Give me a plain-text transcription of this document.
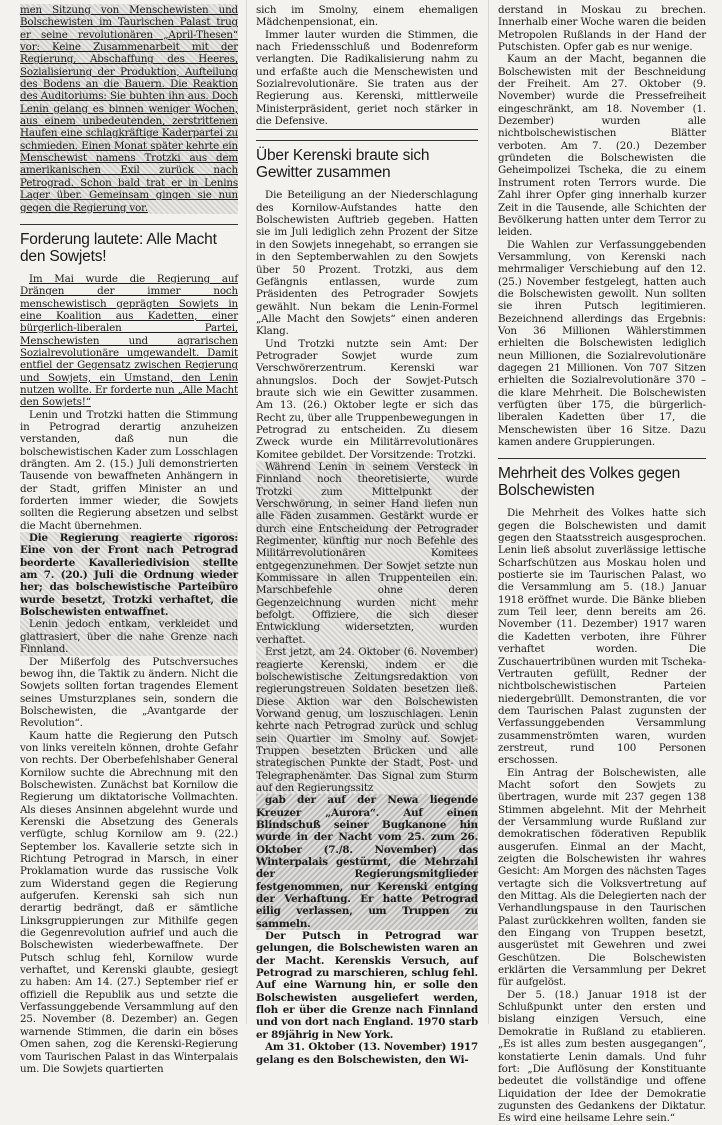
men Sitzung von Menschewisten und Bolschewisten im Taurischen Palast trug er seine revolutionären „April-Thesen“ vor: Keine Zusammenarbeit mit der Regierung, Abschaffung des Heeres, Sozialisierung der Produktion, Aufteilung des Bodens an die Bauern. Die Reaktion des Auditoriums: Sie buhten ihn aus. Doch Lenin gelang es binnen weniger Wochen, aus einem unbedeutenden, zerstrittenen Haufen eine schlagkräftige Kaderpartei zu schmieden. Einen Monat später kehrte ein Menschewist namens Trotzki aus dem amerikanischen Exil zurück nach Petrograd. Schon bald trat er in Lenins Lager über. Gemeinsam gingen sie nun gegen die Regierung vor.

Forderung lautete: Alle Macht den Sowjets!

Im Mai wurde die Regierung auf Drängen der immer noch menschewistisch geprägten Sowjets in eine Koalition aus Kadetten, einer bürgerlich-liberalen Partei, Menschewisten und agrarischen Sozialrevolutionäre umgewandelt. Damit entfiel der Gegensatz zwischen Regierung und Sowjets, ein Umstand, den Lenin nutzen wollte. Er forderte nun „Alle Macht den Sowjets!“

Lenin und Trotzki hatten die Stimmung in Petrograd derartig anzuheizen verstanden, daß nun die bolschewistischen Kader zum Losschlagen drängten. Am 2. (15.) Juli demonstrierten Tausende von bewaffneten Anhängern in der Stadt, griffen Minister an und forderten immer wieder, die Sowjets sollten die Regierung absetzen und selbst die Macht übernehmen.

Die Regierung reagierte rigoros: Eine von der Front nach Petrograd beorderte Kavalleriedivision stellte am 7. (20.) Juli die Ordnung wieder her; das bolschewistische Parteibüro wurde besetzt, Trotzki verhaftet, die Bolschewisten entwaffnet.

Lenin jedoch entkam, verkleidet und glattrasiert, über die nahe Grenze nach Finnland.

Der Mißerfolg des Putschversuches bewog ihn, die Taktik zu ändern. Nicht die Sowjets sollten fortan tragendes Element seines Umsturzplanes sein, sondern die Bolschewisten, die „Avantgarde der Revolution“.

Kaum hatte die Regierung den Putsch von links vereiteln können, drohte Gefahr von rechts. Der Oberbefehlshaber General Kornilow suchte die Abrechnung mit den Bolschewisten. Zunächst bat Kornilow die Regierung um diktatorische Vollmachten. Als dieses Ansinnen abgelehnt wurde und Kerenski die Absetzung des Generals verfügte, schlug Kornilow am 9. (22.) September los. Kavallerie setzte sich in Richtung Petrograd in Marsch, in einer Proklamation wurde das russische Volk zum Widerstand gegen die Regierung aufgerufen. Kerenski sah sich nun derartig bedrängt, daß er sämtliche Linksgruppierungen zur Mithilfe gegen die Gegenrevolution aufrief und auch die Bolschewisten wiederbewaffnete. Der Putsch schlug fehl, Kornilow wurde verhaftet, und Kerenski glaubte, gesiegt zu haben: Am 14. (27.) September rief er offiziell die Republik aus und setzte die Verfassunggebende Versammlung auf den 25. November (8. Dezember) an. Gegen warnende Stimmen, die darin ein böses Omen sahen, zog die Kerenski-Regierung vom Taurischen Palast in das Winterpalais um. Die Sowjets quartierten

sich im Smolny, einem ehemaligen Mädchenpensionat, ein.

Immer lauter wurden die Stimmen, die nach Friedensschluß und Bodenreform verlangten. Die Radikalisierung nahm zu und erfaßte auch die Menschewisten und Sozialrevolutionäre. Sie traten aus der Regierung aus. Kerenski, mittlerweile Ministerpräsident, geriet noch stärker in die Defensive.

Über Kerenski braute sich Gewitter zusammen

Die Beteiligung an der Niederschlagung des Kornilow-Aufstandes hatte den Bolschewisten Auftrieb gegeben. Hatten sie im Juli lediglich zehn Prozent der Sitze in den Sowjets innegehabt, so errangen sie in den Septemberwahlen zu den Sowjets über 50 Prozent. Trotzki, aus dem Gefängnis entlassen, wurde zum Präsidenten des Petrograder Sowjets gewählt. Nun bekam die Lenin-Formel „Alle Macht den Sowjets“ einen anderen Klang.

Und Trotzki nutzte sein Amt: Der Petrograder Sowjet wurde zum Verschwörerzentrum. Kerenski war ahnungslos. Doch der Sowjet-Putsch braute sich wie ein Gewitter zusammen. Am 13. (26.) Oktober legte er sich das Recht zu, über alle Truppenbewegungen in Petrograd zu entscheiden. Zu diesem Zweck wurde ein Militärrevolutionäres Komitee gebildet. Der Vorsitzende: Trotzki.

Während Lenin in seinem Versteck in Finnland noch theoretisierte, wurde Trotzki zum Mittelpunkt der Verschwörung, in seiner Hand liefen nun alle Fäden zusammen. Gestärkt wurde er durch eine Entscheidung der Petrograder Regimenter, künftig nur noch Befehle des Militärrevolutionären Komitees entgegenzunehmen. Der Sowjet setzte nun Kommissare in allen Truppenteilen ein. Marschbefehle ohne deren Gegenzeichnung wurden nicht mehr befolgt. Offiziere, die sich dieser Entwicklung widersetzten, wurden verhaftet.

Erst jetzt, am 24. Oktober (6. November) reagierte Kerenski, indem er die bolschewistische Zeitungsredaktion von regierungstreuen Soldaten besetzen ließ. Diese Aktion war den Bolschewisten Vorwand genug, um loszuschlagen. Lenin kehrte nach Petrograd zurück und schlug sein Quartier im Smolny auf. Sowjet-Truppen besetzten Brücken und alle strategischen Punkte der Stadt, Post- und Telegraphenämter. Das Signal zum Sturm auf den Regierungssitz

gab der auf der Newa liegende Kreuzer „Aurora“. Auf einen Blindschuß seiner Bugkanone hin wurde in der Nacht vom 25. zum 26. Oktober (7./8. November) das Winterpalais gestürmt, die Mehrzahl der Regierungsmitglieder festgenommen, nur Kerenski entging der Verhaftung. Er hatte Petrograd eilig verlassen, um Truppen zu sammeln.

Der Putsch in Petrograd war gelungen, die Bolschewisten waren an der Macht. Kerenskis Versuch, auf Petrograd zu marschieren, schlug fehl. Auf eine Warnung hin, er solle den Bolschewisten ausgeliefert werden, floh er über die Grenze nach Finnland und von dort nach England. 1970 starb er 89jährig in New York.

Am 31. Oktober (13. November) 1917 gelang es den Bolschewisten, den Wi-

derstand in Moskau zu brechen. Innerhalb einer Woche waren die beiden Metropolen Rußlands in der Hand der Putschisten. Opfer gab es nur wenige.

Kaum an der Macht, begannen die Bolschewisten mit der Beschneidung der Freiheit. Am 27. Oktober (9. November) wurde die Pressefreiheit eingeschränkt, am 18. November (1. Dezember) wurden alle nichtbolschewistischen Blätter verboten. Am 7. (20.) Dezember gründeten die Bolschewisten die Geheimpolizei Tscheka, die zu einem Instrument roten Terrors wurde. Die Zahl ihrer Opfer ging innerhalb kurzer Zeit in die Tausende, alle Schichten der Bevölkerung hatten unter dem Terror zu leiden.

Die Wahlen zur Verfassunggebenden Versammlung, von Kerenski nach mehrmaliger Verschiebung auf den 12. (25.) November festgelegt, hatten auch die Bolschewisten gewollt. Nun sollten sie ihren Putsch legitimieren. Bezeichnend allerdings das Ergebnis: Von 36 Millionen Wählerstimmen erhielten die Bolschewisten lediglich neun Millionen, die Sozialrevolutionäre dagegen 21 Millionen. Von 707 Sitzen erhielten die Sozialrevolutionäre 370 – die klare Mehrheit. Die Bolschewisten verfügten über 175, die bürgerlich-liberalen Kadetten über 17, die Menschewisten über 16 Sitze. Dazu kamen andere Gruppierungen.

Mehrheit des Volkes gegen Bolschewisten

Die Mehrheit des Volkes hatte sich gegen die Bolschewisten und damit gegen den Staatsstreich ausgesprochen. Lenin ließ absolut zuverlässige lettische Scharfschützen aus Moskau holen und postierte sie im Taurischen Palast, wo die Versammlung am 5. (18.) Januar 1918 eröffnet wurde. Die Bänke blieben zum Teil leer, denn bereits am 26. November (11. Dezember) 1917 waren die Kadetten verboten, ihre Führer verhaftet worden. Die Zuschauertribünen wurden mit Tscheka-Vertrauten gefüllt, Redner der nichtbolschewistischen Parteien niedergebrüllt. Demonstranten, die vor dem Taurischen Palast zugunsten der Verfassunggebenden Versammlung zusammenströmten waren, wurden zerstreut, rund 100 Personen erschossen.

Ein Antrag der Bolschewisten, alle Macht sofort den Sowjets zu übertragen, wurde mit 237 gegen 138 Stimmen abgelehnt. Mit der Mehrheit der Versammlung wurde Rußland zur demokratischen föderativen Republik ausgerufen. Einmal an der Macht, zeigten die Bolschewisten ihr wahres Gesicht: Am Morgen des nächsten Tages vertagte sich die Volksvertretung auf den Mittag. Als die Delegierten nach der Verhandlungspause in den Taurischen Palast zurückkehren wollten, fanden sie den Eingang von Truppen besetzt, ausgerüstet mit Gewehren und zwei Geschützen. Die Bolschewisten erklärten die Versammlung per Dekret für aufgelöst.

Der 5. (18.) Januar 1918 ist der Schlußpunkt unter den ersten und bislang einzigen Versuch, eine Demokratie in Rußland zu etablieren. „Es ist alles zum besten ausgegangen“, konstatierte Lenin damals. Und fuhr fort: „Die Auflösung der Konstituante bedeutet die vollständige und offene Liquidation der Idee der Demokratie zugunsten des Gedankens der Diktatur. Es wird eine heilsame Lehre sein.“
